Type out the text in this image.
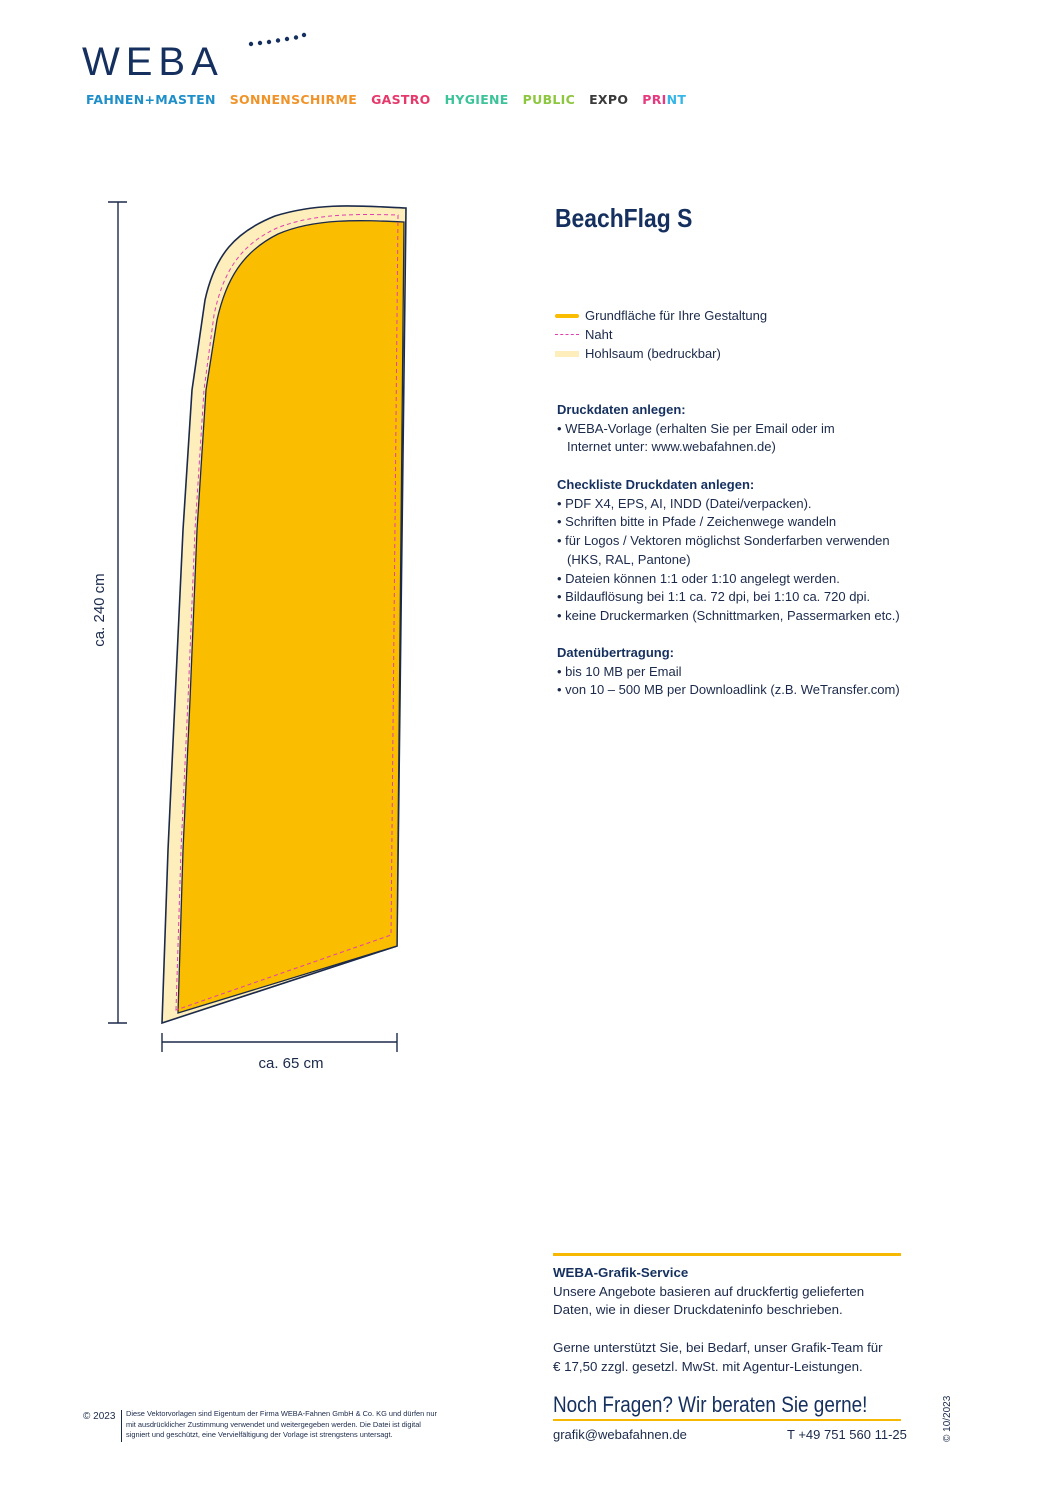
WEBA
FAHNEN+MASTEN SONNENSCHIRME GASTRO HYGIENE PUBLIC EXPO PRINT
ca. 240 cm
ca. 65 cm
BeachFlag S
Grundfläche für Ihre Gestaltung
Naht
Hohlsaum (bedruckbar)
Druckdaten anlegen:
• WEBA-Vorlage (erhalten Sie per Email oder im Internet unter: www.webafahnen.de)
Checkliste Druckdaten anlegen:
• PDF X4, EPS, AI, INDD (Datei/verpacken).
• Schriften bitte in Pfade / Zeichenwege wandeln
• für Logos / Vektoren möglichst Sonderfarben verwenden (HKS, RAL, Pantone)
• Dateien können 1:1 oder 1:10 angelegt werden.
• Bildauflösung bei 1:1 ca. 72 dpi, bei 1:10 ca. 720 dpi.
• keine Druckermarken (Schnittmarken, Passermarken etc.)
Datenübertragung:
• bis 10 MB per Email
• von 10 – 500 MB per Downloadlink (z.B. WeTransfer.com)

WEBA-Grafik-Service

Unsere Angebote basieren auf druckfertig gelieferten Daten, wie in dieser Druckdateninfo beschrieben.

Gerne unterstützt Sie, bei Bedarf, unser Grafik-Team für € 17,50 zzgl. gesetzl. MwSt. mit Agentur-Leistungen.

Noch Fragen? Wir beraten Sie gerne!
grafik@webafahnen.de	T +49 751 560 11-25
© 2023 Diese Vektorvorlagen sind Eigentum der Firma WEBA-Fahnen GmbH & Co. KG und dürfen nur mit ausdrücklicher Zustimmung verwendet und weitergegeben werden. Die Datei ist digital signiert und geschützt, eine Vervielfältigung der Vorlage ist strengstens untersagt.	© 10/2023
